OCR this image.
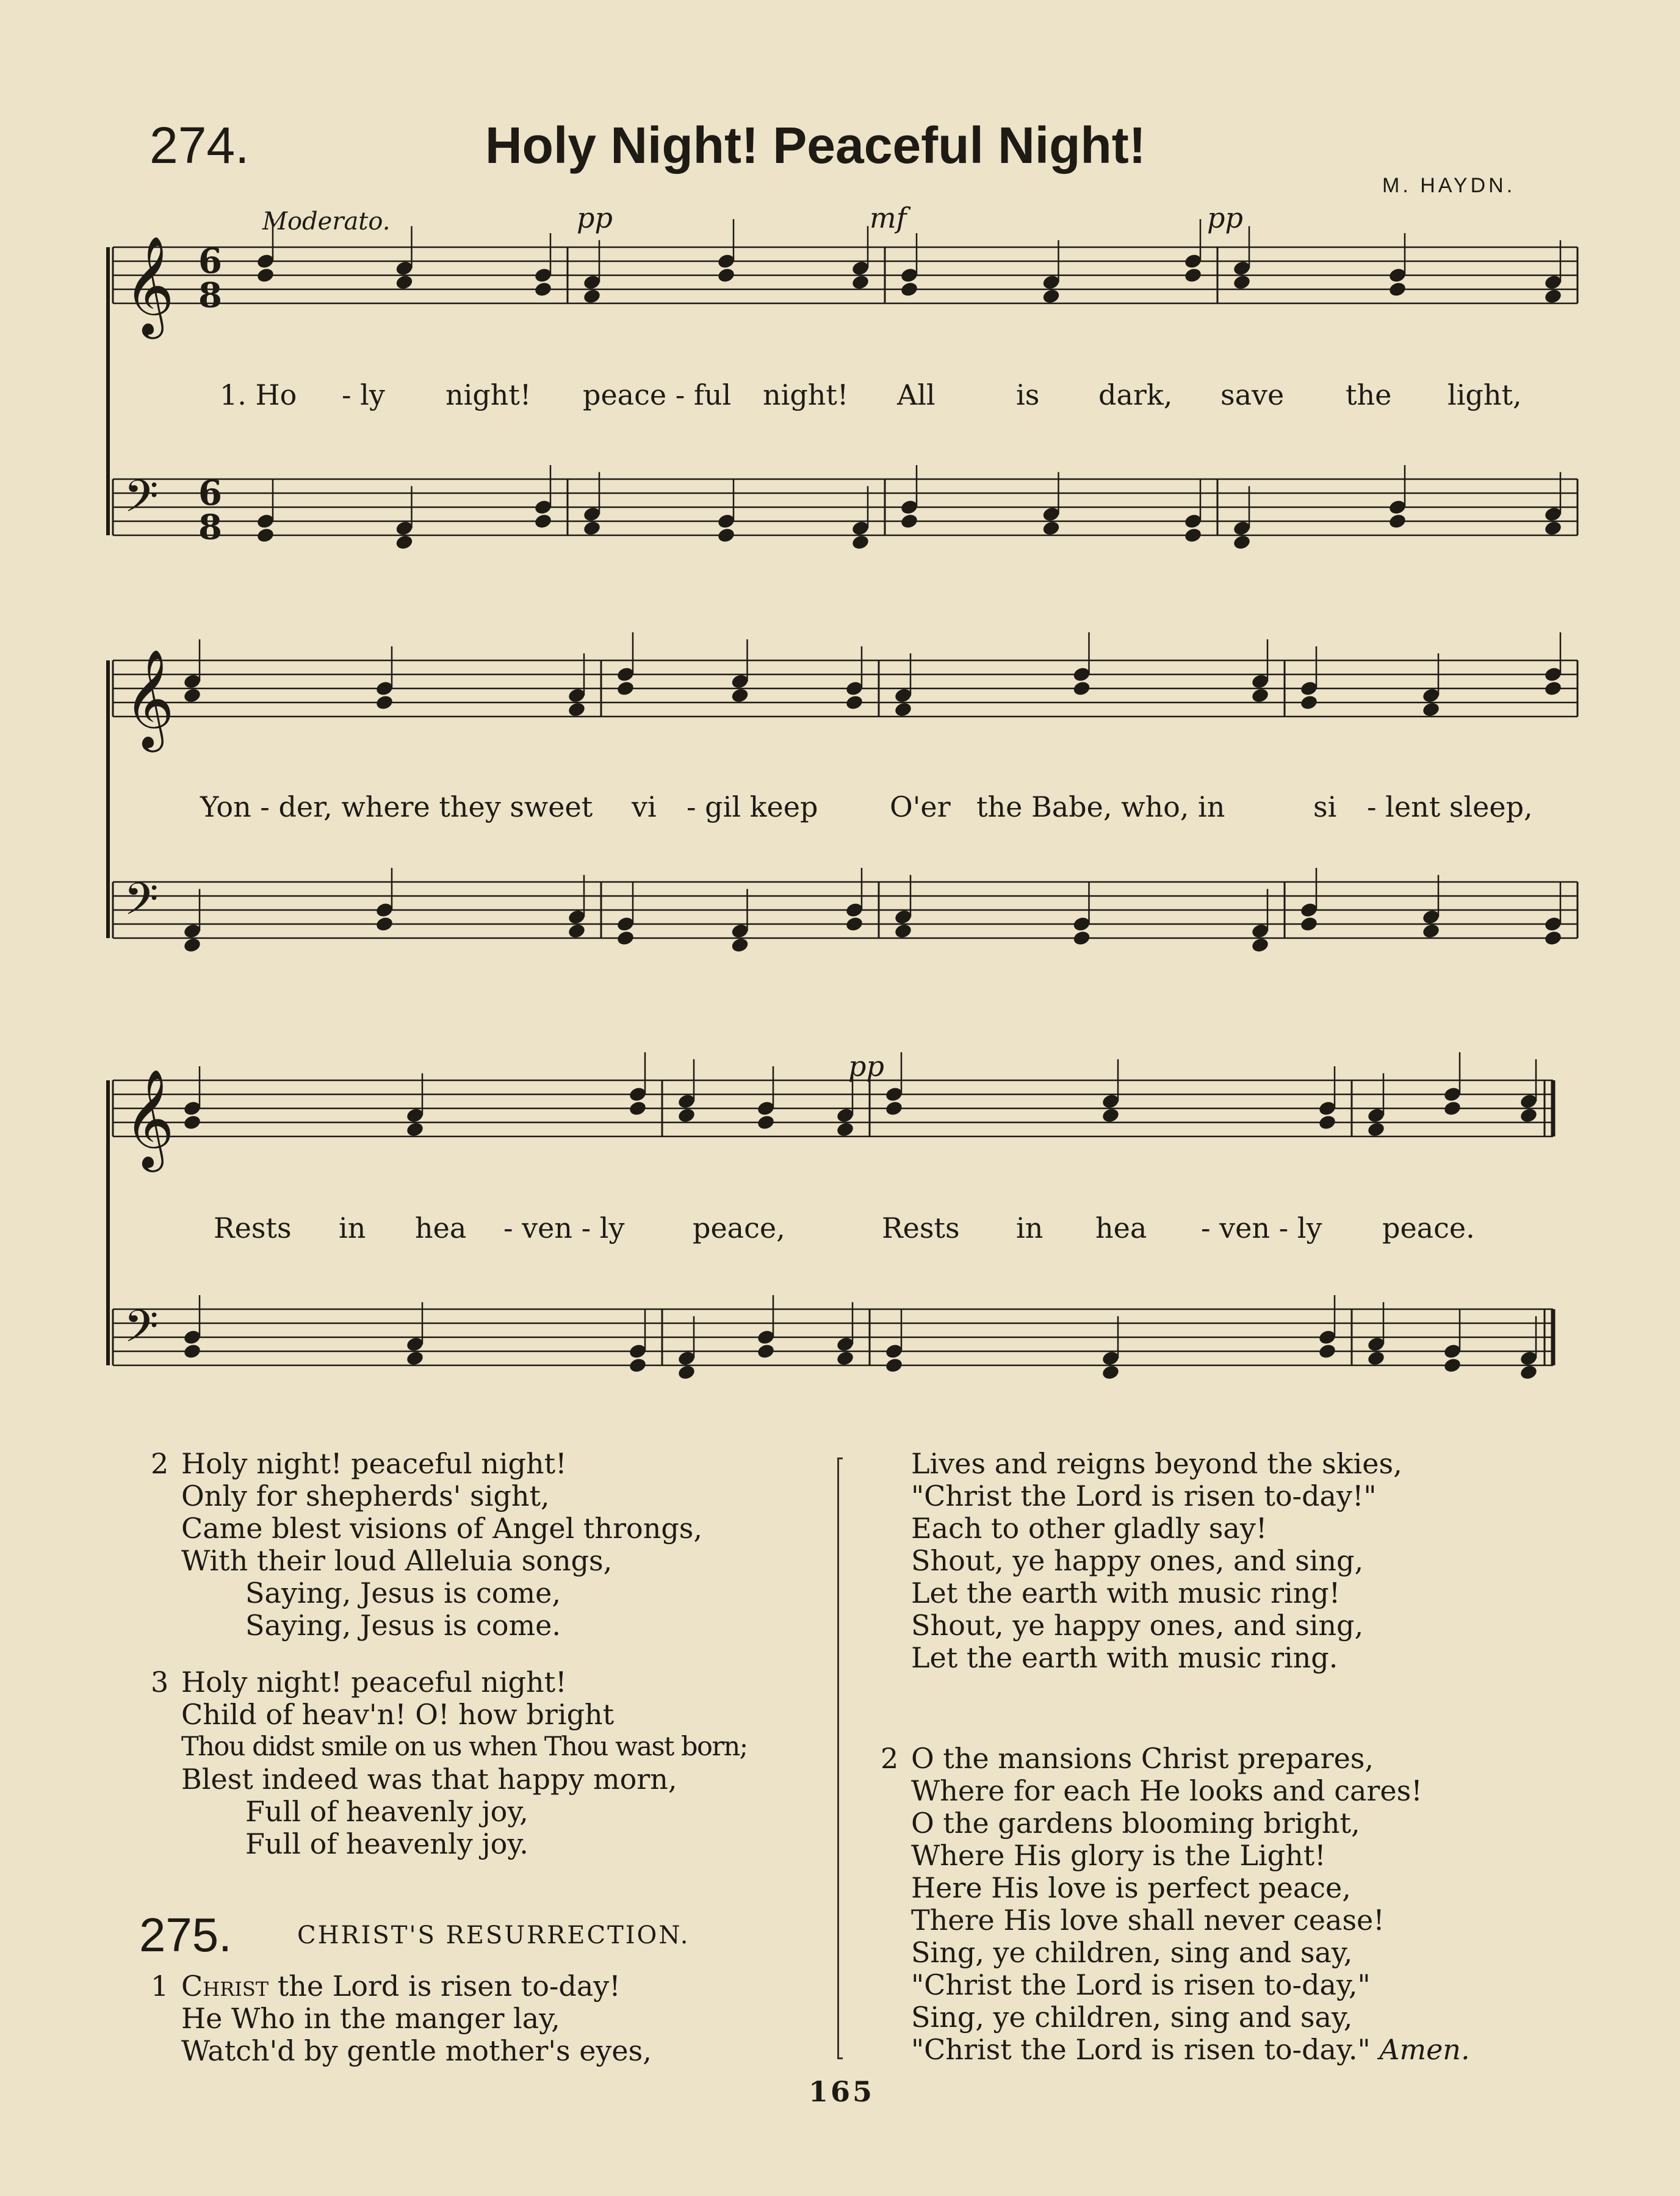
274.	Holy Night! Peaceful Night!
M. HAYDN.
Moderato.	pp	mf	pp
pp
𝄞 6
8
𝄢 6
8
𝄞
𝄢
𝄞
𝄢
1. Ho - ly night! peace - ful night! All	is dark, save the light,
Yon - der, where they sweet vi - gil keep	O'er the Babe, who, in	si - lent sleep,
Rests in hea - ven - ly peace,	Rests in hea - ven - ly peace.
2 Holy night! peaceful night!
Only for shepherds' sight,
Came blest visions of Angel throngs,
With their loud Alleluia songs,
Saying, Jesus is come,
Saying, Jesus is come.
3 Holy night! peaceful night!
Child of heav'n! O! how bright
Thou didst smile on us when Thou wast born;
Blest indeed was that happy morn,
Full of heavenly joy,
Full of heavenly joy.
275.	CHRIST'S RESURRECTION.
1 Christ the Lord is risen to-day!
He Who in the manger lay,
Watch'd by gentle mother's eyes,
Lives and reigns beyond the skies,
"Christ the Lord is risen to-day!"
Each to other gladly say!
Shout, ye happy ones, and sing,
Let the earth with music ring!
Shout, ye happy ones, and sing,
Let the earth with music ring.
2 O the mansions Christ prepares,
Where for each He looks and cares!
O the gardens blooming bright,
Where His glory is the Light!
Here His love is perfect peace,
There His love shall never cease!
Sing, ye children, sing and say,
"Christ the Lord is risen to-day,"
Sing, ye children, sing and say,
"Christ the Lord is risen to-day." Amen.
165
